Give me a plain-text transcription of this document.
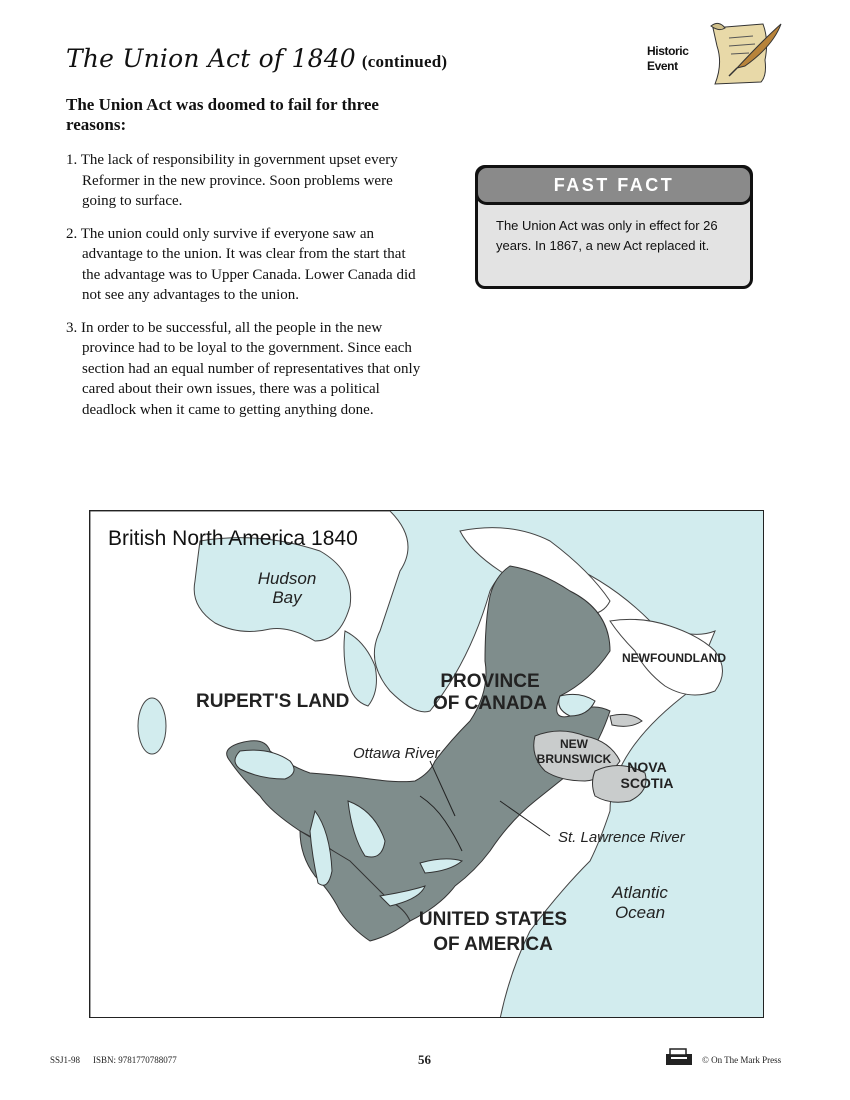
The Union Act of 1840 (continued)
Historic
Event
The Union Act was doomed to fail for three reasons:
1. The lack of responsibility in government upset every Reformer in the new province. Soon problems were going to surface.
2. The union could only survive if everyone saw an advantage to the union. It was clear from the start that the advantage was to Upper Canada. Lower Canada did not see any advantages to the union.
3. In order to be successful, all the people in the new province had to be loyal to the government. Since each section had an equal number of representatives that only cared about their own issues, there was a political deadlock when it came to getting anything done.
FAST FACT
The Union Act was only in effect for 26 years. In 1867, a new Act replaced it.
British North America 1840
Hudson Bay
RUPERT'S LAND
PROVINCE OF CANADA
NEWFOUNDLAND
NEW BRUNSWICK	NOVA SCOTIA
Ottawa River
St. Lawrence River
Atlantic Ocean
UNITED STATES OF AMERICA
SSJ1-98 ISBN: 9781770788077	56	© On The Mark Press
